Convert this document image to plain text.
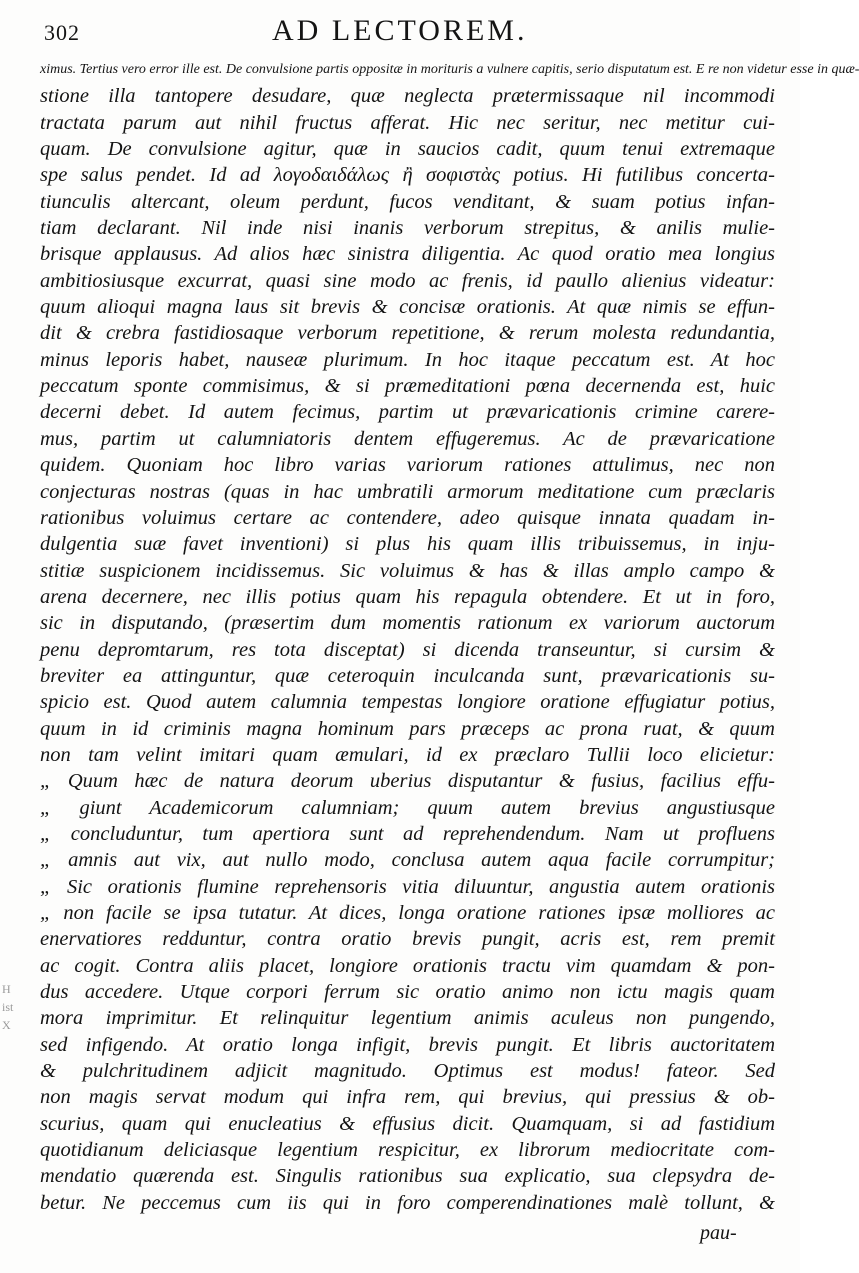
302	AD LECTOREM.
ximus. Tertius vero error ille est. De convulsione partis oppositæ in morituris a vulnere capitis, serio disputatum est. E re non videtur esse in quæ-
stione illa tantopere desudare, quæ neglecta prætermissaque nil incommodi
tractata parum aut nihil fructus afferat. Hic nec seritur, nec metitur cui-
quam. De convulsione agitur, quæ in saucios cadit, quum tenui extremaque
spe salus pendet. Id ad λογοδαιδάλως ἢ σοφιστὰς potius. Hi futilibus concerta-
tiunculis altercant, oleum perdunt, fucos venditant, & suam potius infan-
tiam declarant. Nil inde nisi inanis verborum strepitus, & anilis mulie-
brisque applausus. Ad alios hæc sinistra diligentia. Ac quod oratio mea longius
ambitiosiusque excurrat, quasi sine modo ac frenis, id paullo alienius videatur:
quum alioqui magna laus sit brevis & concisæ orationis. At quæ nimis se effun-
dit & crebra fastidiosaque verborum repetitione, & rerum molesta redundantia,
minus leporis habet, nauseæ plurimum. In hoc itaque peccatum est. At hoc
peccatum sponte commisimus, & si præmeditationi pœna decernenda est, huic
decerni debet. Id autem fecimus, partim ut prævaricationis crimine carere-
mus, partim ut calumniatoris dentem effugeremus. Ac de prævaricatione
quidem. Quoniam hoc libro varias variorum rationes attulimus, nec non
conjecturas nostras (quas in hac umbratili armorum meditatione cum præclaris
rationibus voluimus certare ac contendere, adeo quisque innata quadam in-
dulgentia suæ favet inventioni) si plus his quam illis tribuissemus, in inju-
stitiæ suspicionem incidissemus. Sic voluimus & has & illas amplo campo &
arena decernere, nec illis potius quam his repagula obtendere. Et ut in foro,
sic in disputando, (præsertim dum momentis rationum ex variorum auctorum
penu depromtarum, res tota disceptat) si dicenda transeuntur, si cursim &
breviter ea attinguntur, quæ ceteroquin inculcanda sunt, prævaricationis su-
spicio est. Quod autem calumnia tempestas longiore oratione effugiatur potius,
quum in id criminis magna hominum pars præceps ac prona ruat, & quum
non tam velint imitari quam æmulari, id ex præclaro Tullii loco elicietur:
„ Quum hæc de natura deorum uberius disputantur & fusius, facilius effu-
„ giunt Academicorum calumniam; quum autem brevius angustiusque
„ concluduntur, tum apertiora sunt ad reprehendendum. Nam ut profluens
„ amnis aut vix, aut nullo modo, conclusa autem aqua facile corrumpitur;
„ Sic orationis flumine reprehensoris vitia diluuntur, angustia autem orationis
„ non facile se ipsa tutatur. At dices, longa oratione rationes ipsæ molliores ac
enervatiores redduntur, contra oratio brevis pungit, acris est, rem premit
ac cogit. Contra aliis placet, longiore orationis tractu vim quamdam & pon-
dus accedere. Utque corpori ferrum sic oratio animo non ictu magis quam
mora imprimitur. Et relinquitur legentium animis aculeus non pungendo,
sed infigendo. At oratio longa infigit, brevis pungit. Et libris auctoritatem
& pulchritudinem adjicit magnitudo. Optimus est modus! fateor. Sed
non magis servat modum qui infra rem, qui brevius, qui pressius & ob-
scurius, quam qui enucleatius & effusius dicit. Quamquam, si ad fastidium
quotidianum deliciasque legentium respicitur, ex librorum mediocritate com-
mendatio quærenda est. Singulis rationibus sua explicatio, sua clepsydra de-
betur. Ne peccemus cum iis qui in foro comperendinationes malè tollunt, &
H
ist
X
pau-
